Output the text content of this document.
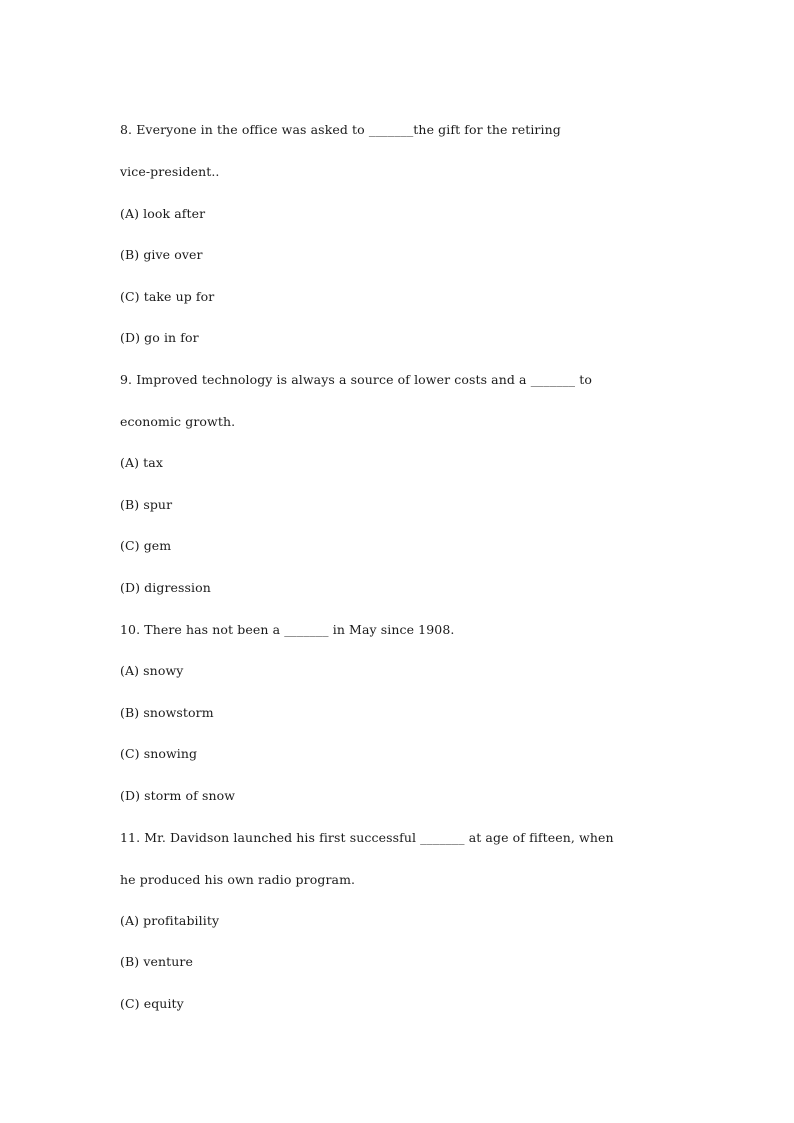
8. Everyone in the office was asked to _______the gift for the retiring
vice-president..
(A) look after
(B) give over
(C) take up for
(D) go in for
9. Improved technology is always a source of lower costs and a _______ to
economic growth.
(A) tax
(B) spur
(C) gem
(D) digression
10. There has not been a _______ in May since 1908.
(A) snowy
(B) snowstorm
(C) snowing
(D) storm of snow
11. Mr. Davidson launched his first successful _______ at age of fifteen, when
he produced his own radio program.
(A) profitability
(B) venture
(C) equity
